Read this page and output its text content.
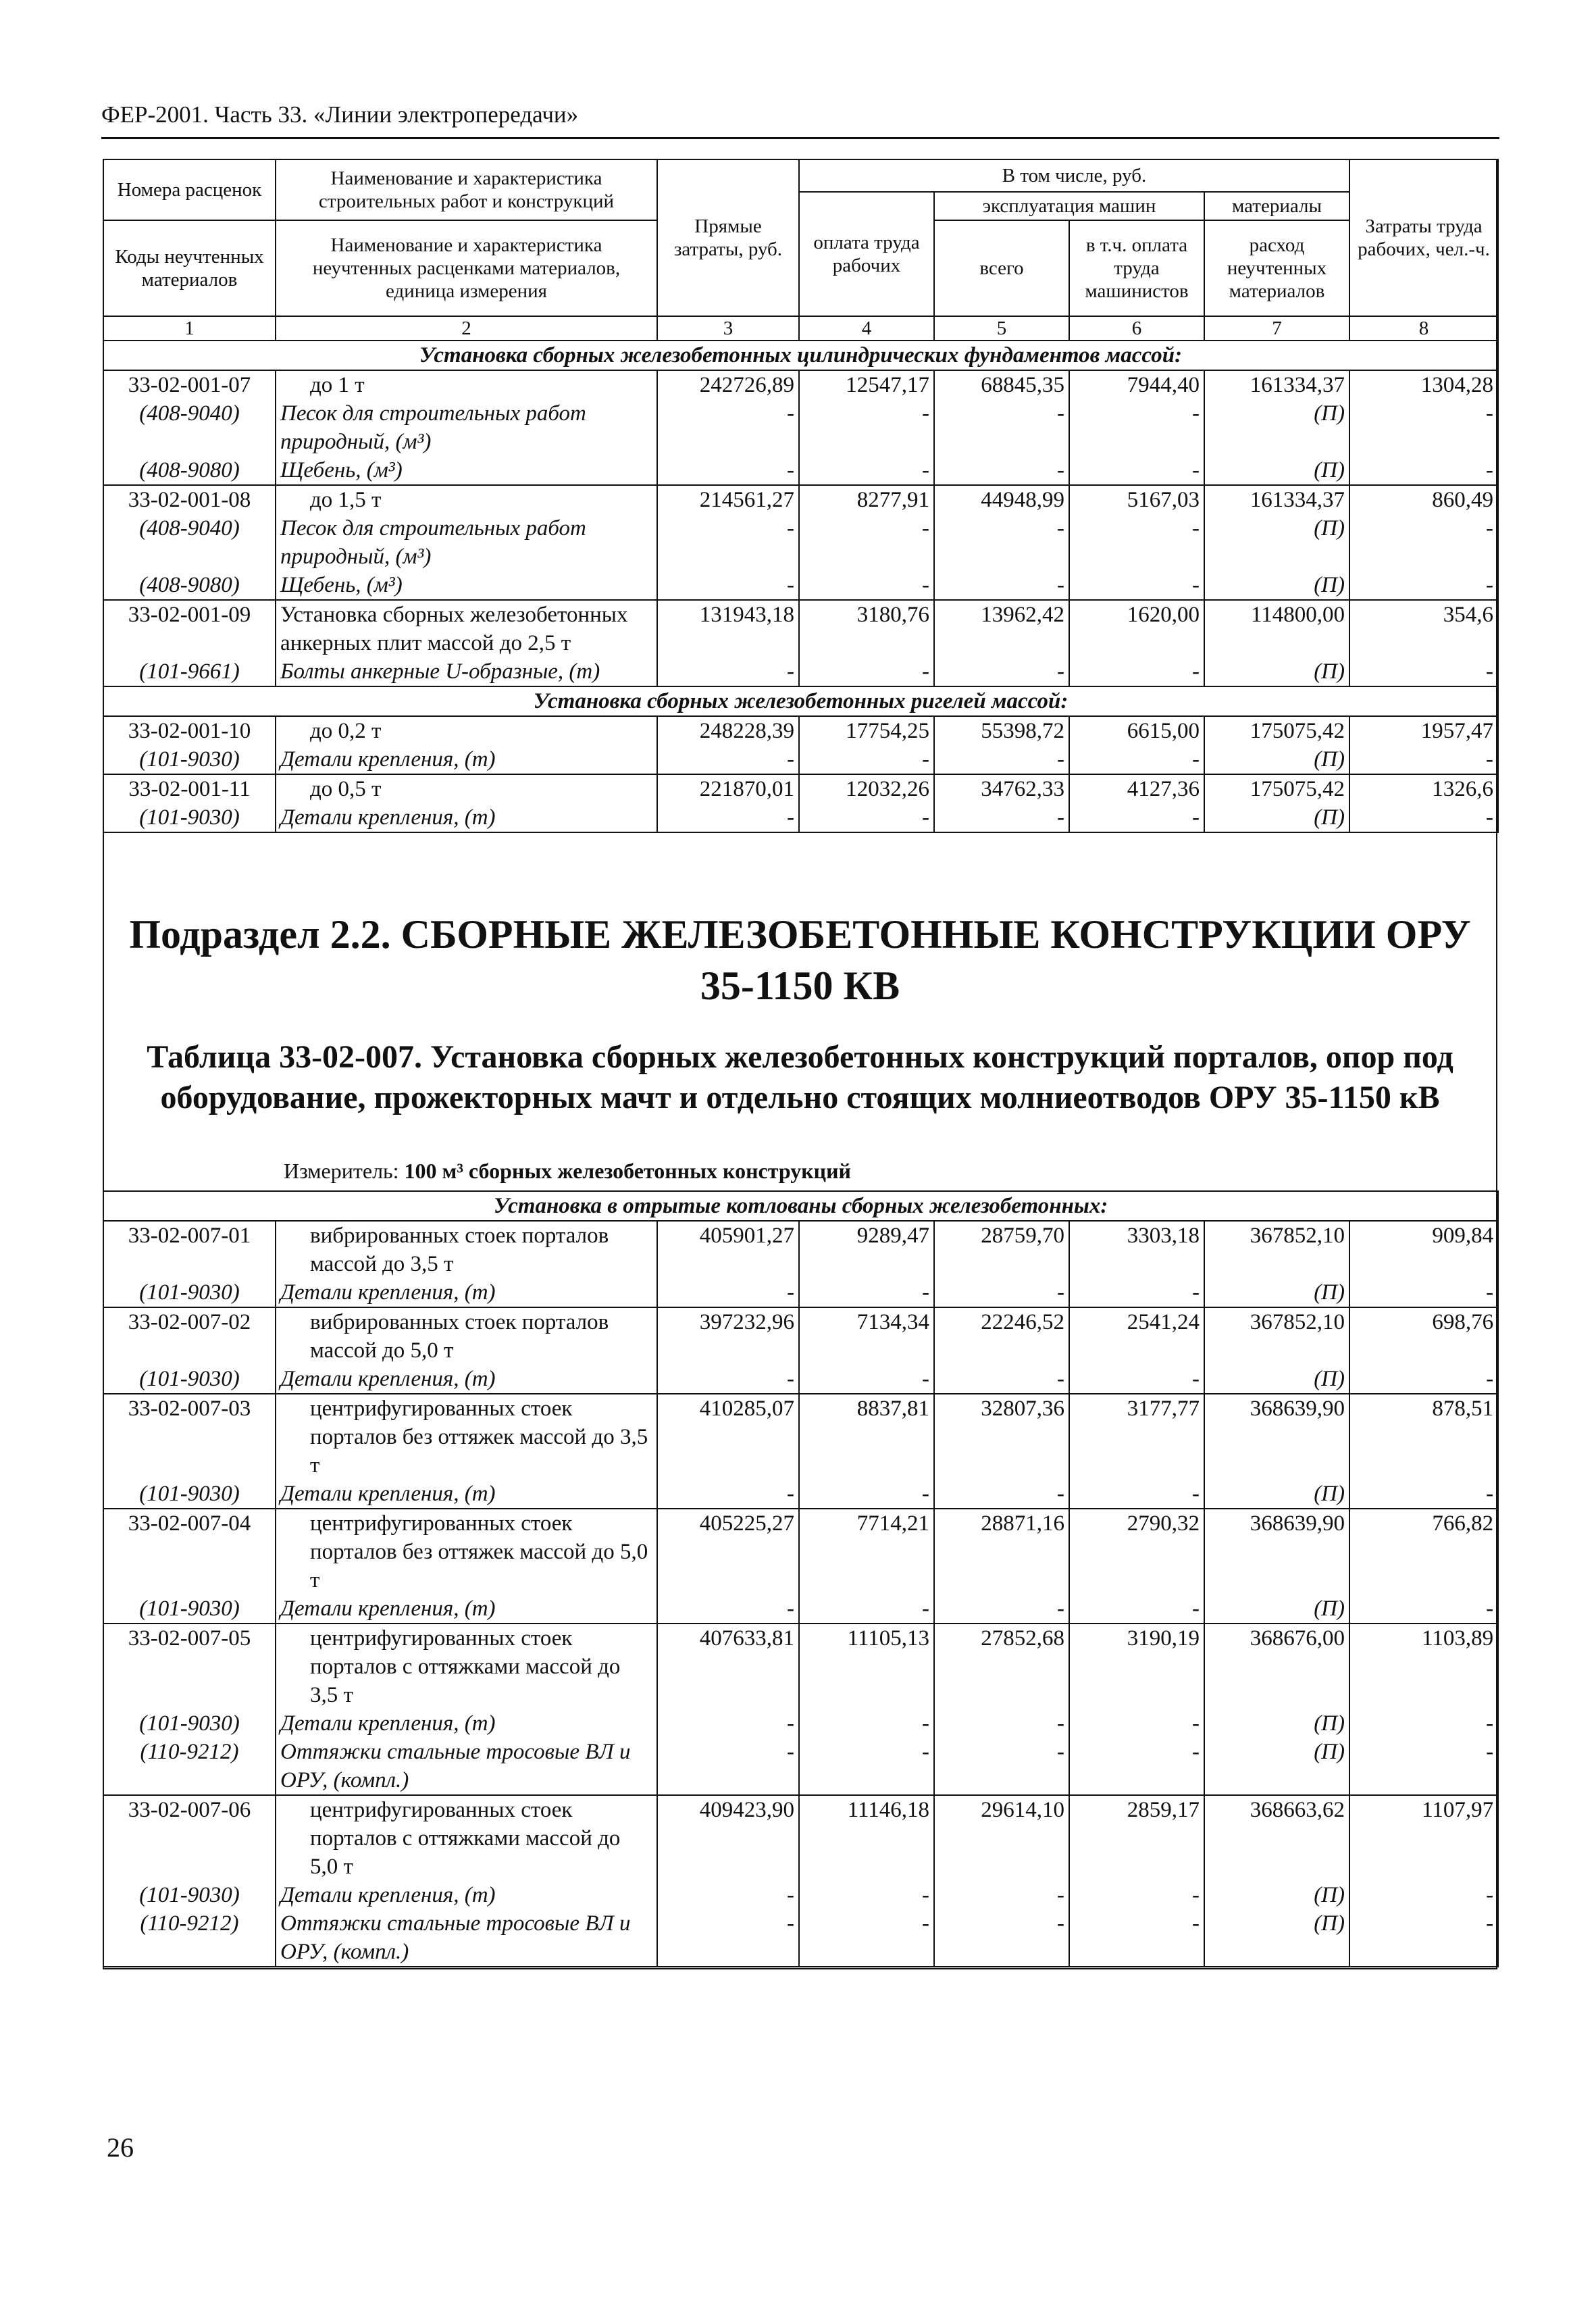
ФЕР-2001. Часть 33. «Линии электропередачи»
Номера расценок	Наименование и характеристика строительных работ и конструкций	Прямые затраты, руб.	В том числе, руб.				Затраты труда рабочих, чел.-ч.
			оплата труда рабочих	эксплуатация машин		материалы	
Коды неучтенных материалов	Наименование и характеристика неучтенных расценками материалов, единица измерения			всего	в т.ч. оплата труда машинистов	расход неучтенных материалов	
1	2	3	4	5	6	7	8
Установка сборных железобетонных цилиндрических фундаментов массой:							
33-02-001-07	до 1 т	242726,89	12547,17	68845,35	7944,40	161334,37	1304,28
(408-9040)	Песок для строительных работ природный, (м³)	-	-	-	-	(П)	-
(408-9080)	Щебень, (м³)	-	-	-	-	(П)	-
33-02-001-08	до 1,5 т	214561,27	8277,91	44948,99	5167,03	161334,37	860,49
(408-9040)	Песок для строительных работ природный, (м³)	-	-	-	-	(П)	-
(408-9080)	Щебень, (м³)	-	-	-	-	(П)	-
33-02-001-09	Установка сборных железобетонных анкерных плит массой до 2,5 т	131943,18	3180,76	13962,42	1620,00	114800,00	354,6
(101-9661)	Болты анкерные U-образные, (т)	-	-	-	-	(П)	-
Установка сборных железобетонных ригелей массой:							
33-02-001-10	до 0,2 т	248228,39	17754,25	55398,72	6615,00	175075,42	1957,47
(101-9030)	Детали крепления, (т)	-	-	-	-	(П)	-
33-02-001-11	до 0,5 т	221870,01	12032,26	34762,33	4127,36	175075,42	1326,6
(101-9030)	Детали крепления, (т)	-	-	-	-	(П)	-
Подраздел 2.2. СБОРНЫЕ ЖЕЛЕЗОБЕТОННЫЕ КОНСТРУКЦИИ ОРУ 35-1150 КВ
Таблица 33-02-007. Установка сборных железобетонных конструкций порталов, опор под оборудование, прожекторных мачт и отдельно стоящих молниеотводов ОРУ 35-1150 кВ
Измеритель: 100 м³ сборных железобетонных конструкций
Установка в отрытые котлованы сборных железобетонных:							
33-02-007-01	вибрированных стоек порталов массой до 3,5 т	405901,27	9289,47	28759,70	3303,18	367852,10	909,84
(101-9030)	Детали крепления, (т)	-	-	-	-	(П)	-
33-02-007-02	вибрированных стоек порталов массой до 5,0 т	397232,96	7134,34	22246,52	2541,24	367852,10	698,76
(101-9030)	Детали крепления, (т)	-	-	-	-	(П)	-
33-02-007-03	центрифугированных стоек порталов без оттяжек массой до 3,5 т	410285,07	8837,81	32807,36	3177,77	368639,90	878,51
(101-9030)	Детали крепления, (т)	-	-	-	-	(П)	-
33-02-007-04	центрифугированных стоек порталов без оттяжек массой до 5,0 т	405225,27	7714,21	28871,16	2790,32	368639,90	766,82
(101-9030)	Детали крепления, (т)	-	-	-	-	(П)	-
33-02-007-05	центрифугированных стоек порталов с оттяжками массой до 3,5 т	407633,81	11105,13	27852,68	3190,19	368676,00	1103,89
(101-9030)	Детали крепления, (т)	-	-	-	-	(П)	-
(110-9212)	Оттяжки стальные тросовые ВЛ и ОРУ, (компл.)	-	-	-	-	(П)	-
33-02-007-06	центрифугированных стоек порталов с оттяжками массой до 5,0 т	409423,90	11146,18	29614,10	2859,17	368663,62	1107,97
(101-9030)	Детали крепления, (т)	-	-	-	-	(П)	-
(110-9212)	Оттяжки стальные тросовые ВЛ и ОРУ, (компл.)	-	-	-	-	(П)	-
26
